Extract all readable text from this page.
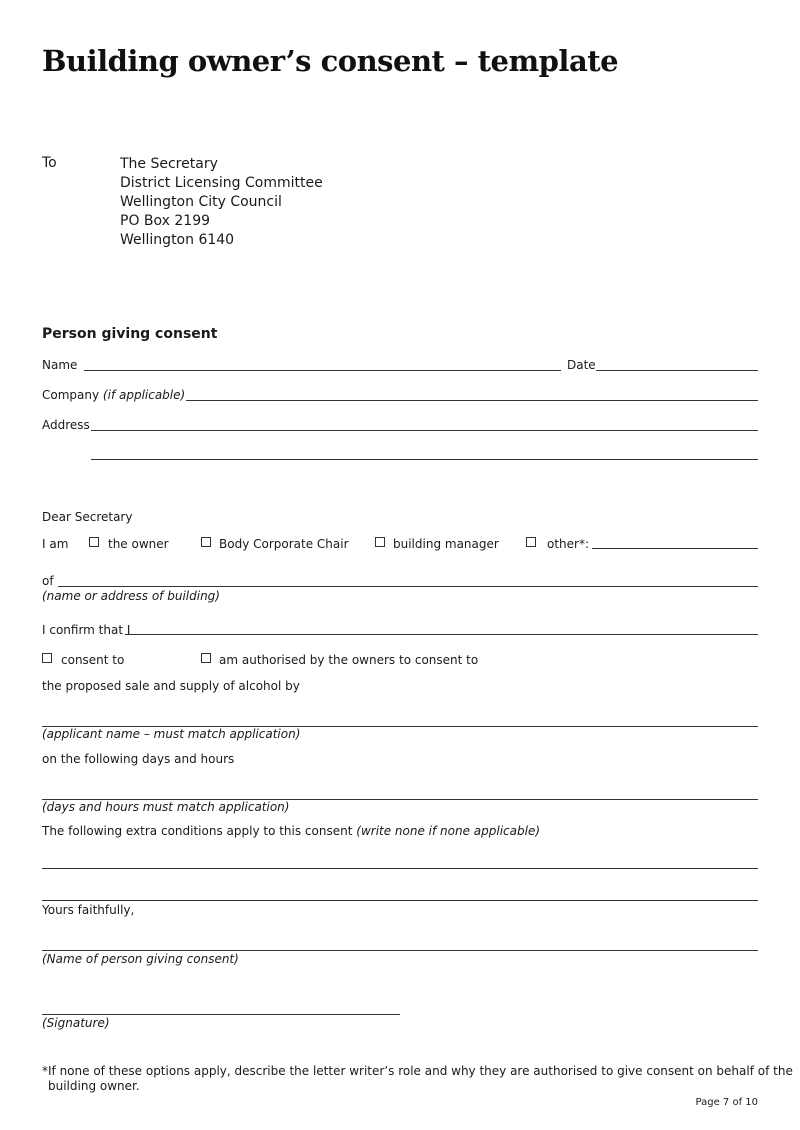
Building owner’s consent – template
To	The Secretary
District Licensing Committee
Wellington City Council
PO Box 2199
Wellington 6140
Person giving consent
Name	Date
Company (if applicable)
Address
Dear Secretary
I am	the owner	Body Corporate Chair	building manager	other*:
of
(name or address of building)
I confirm that I
consent to	am authorised by the owners to consent to
the proposed sale and supply of alcohol by
(applicant name – must match application)
on the following days and hours
(days and hours must match application)
The following extra conditions apply to this consent (write none if none applicable)
Yours faithfully,
(Name of person giving consent)
(Signature)
*If none of these options apply, describe the letter writer’s role and why they are authorised to give consent on behalf of the
building owner.
Page 7 of 10
